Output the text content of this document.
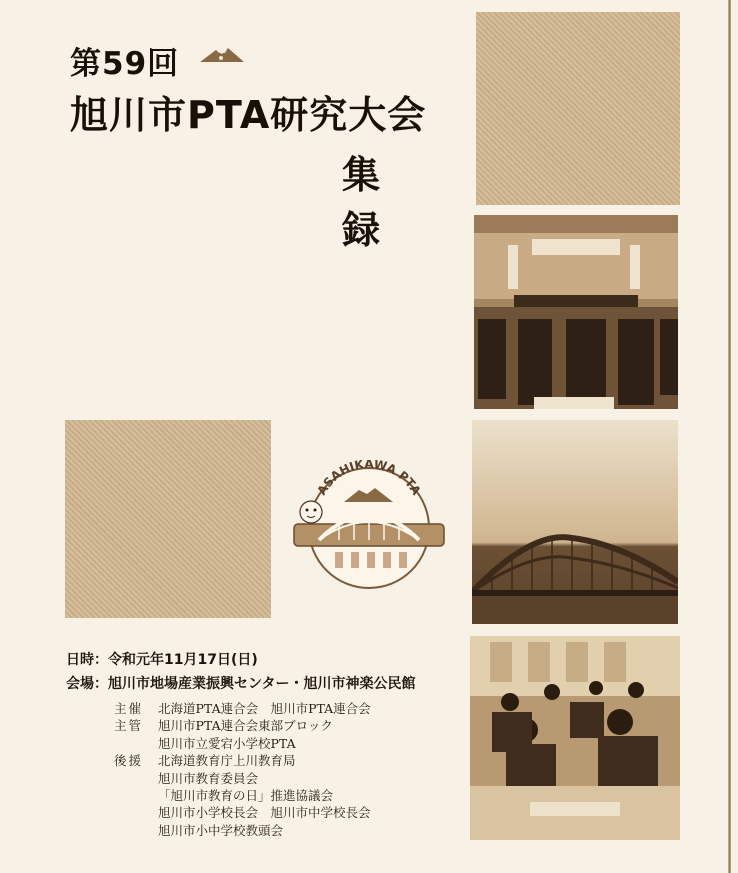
第59回
旭川市PTA研究大会
集 録
ASAHIKAWA PTA
日時：令和元年11月17日(日)
会場：旭川市地場産業振興センター・旭川市神楽公民館
主催	北海道PTA連合会　旭川市PTA連合会
主管	旭川市PTA連合会東部ブロック
旭川市立愛宕小学校PTA
後援	北海道教育庁上川教育局
旭川市教育委員会
「旭川市教育の日」推進協議会
旭川市小学校長会　旭川市中学校長会
旭川市小中学校教頭会
